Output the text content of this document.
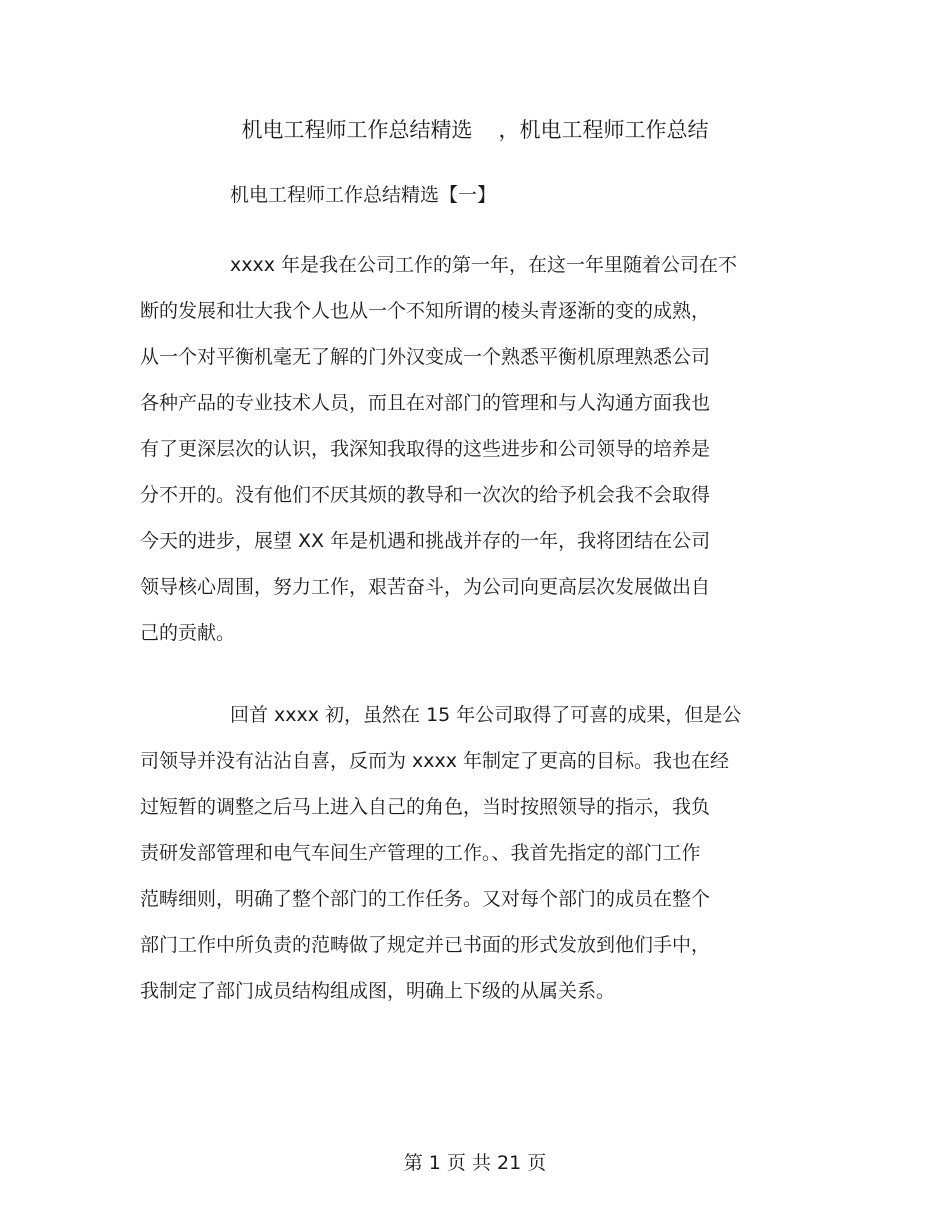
机电工程师工作总结精选 ，机电工程师工作总结
机电工程师工作总结精选【一】
xxxx 年是我在公司工作的第一年，在这一年里随着公司在不
断的发展和壮大我个人也从一个不知所谓的棱头青逐渐的变的成熟，
从一个对平衡机毫无了解的门外汉变成一个熟悉平衡机原理熟悉公司
各种产品的专业技术人员，而且在对部门的管理和与人沟通方面我也
有了更深层次的认识，我深知我取得的这些进步和公司领导的培养是
分不开的。没有他们不厌其烦的教导和一次次的给予机会我不会取得
今天的进步，展望 XX 年是机遇和挑战并存的一年，我将团结在公司
领导核心周围，努力工作，艰苦奋斗，为公司向更高层次发展做出自
己的贡献。
回首 xxxx 初，虽然在 15 年公司取得了可喜的成果，但是公
司领导并没有沾沾自喜，反而为 xxxx 年制定了更高的目标。我也在经
过短暂的调整之后马上进入自己的角色，当时按照领导的指示，我负
责研发部管理和电气车间生产管理的工作。、我首先指定的部门工作
范畴细则，明确了整个部门的工作任务。又对每个部门的成员在整个
部门工作中所负责的范畴做了规定并已书面的形式发放到他们手中，
我制定了部门成员结构组成图，明确上下级的从属关系。
第 1 页 共 21 页
